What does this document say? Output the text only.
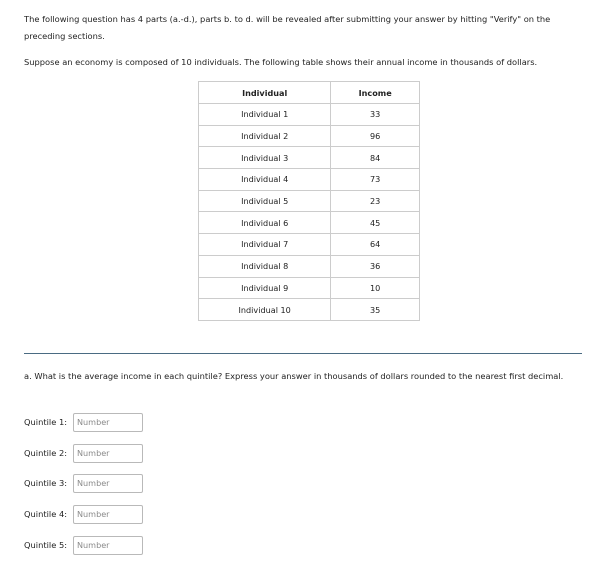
The following question has 4 parts (a.-d.), parts b. to d. will be revealed after submitting your answer by hitting "Verify" on the preceding sections.
Suppose an economy is composed of 10 individuals. The following table shows their annual income in thousands of dollars.
Individual	Income
Individual 1	33
Individual 2	96
Individual 3	84
Individual 4	73
Individual 5	23
Individual 6	45
Individual 7	64
Individual 8	36
Individual 9	10
Individual 10	35
a. What is the average income in each quintile? Express your answer in thousands of dollars rounded to the nearest first decimal.
Quintile 1:
Number
Quintile 2:
Number
Quintile 3:
Number
Quintile 4:
Number
Quintile 5:
Number
